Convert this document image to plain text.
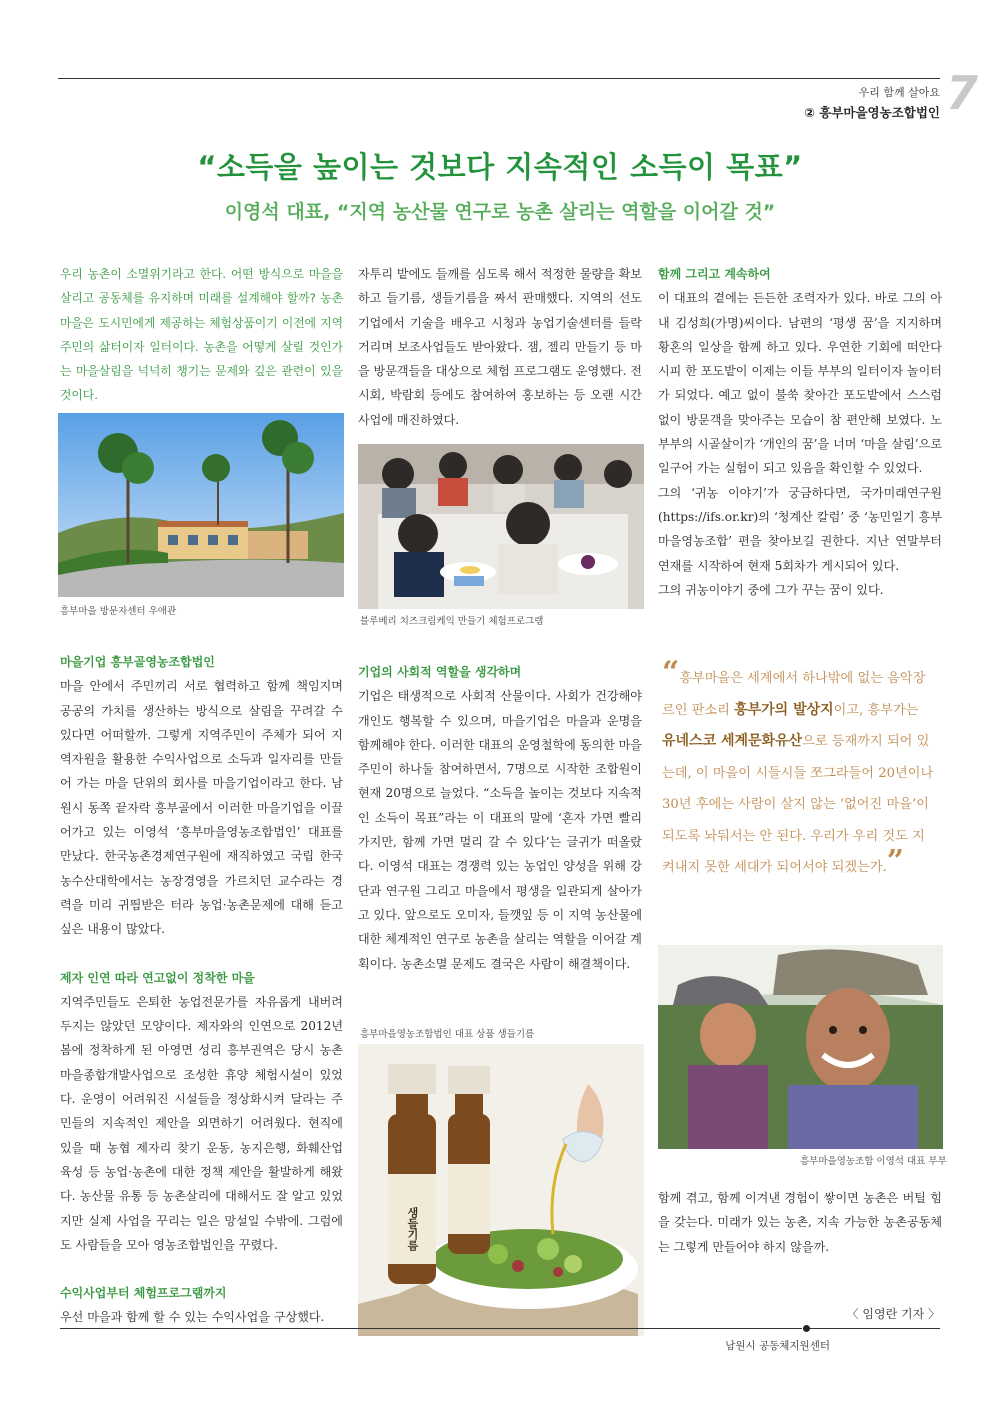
우리 함께 살아요
② 흥부마을영농조합법인 7
“소득을 높이는 것보다 지속적인 소득이 목표”
이영석 대표, “지역 농산물 연구로 농촌 살리는 역할을 이어갈 것”

우리 농촌이 소멸위기라고 한다. 어떤 방식으로 마을을 살리고 공동체를 유지하며 미래를 설계해야 할까? 농촌마을은 도시민에게 제공하는 체험상품이기 이전에 지역주민의 삶터이자 일터이다. 농촌을 어떻게 살릴 것인가는 마을살림을 넉넉히 챙기는 문제와 깊은 관련이 있을 것이다.

흥부마을 방문자센터 우애관

마을기업 흥부골영농조합법인

마을 안에서 주민끼리 서로 협력하고 함께 책임지며 공공의 가치를 생산하는 방식으로 살림을 꾸려갈 수 있다면 어떠할까. 그렇게 지역주민이 주체가 되어 지역자원을 활용한 수익사업으로 소득과 일자리를 만들어 가는 마을 단위의 회사를 마을기업이라고 한다. 남원시 동쪽 끝자락 흥부골에서 이러한 마을기업을 이끌어가고 있는 이영석 ‘흥부마을영농조합법인’ 대표를 만났다. 한국농촌경제연구원에 재직하였고 국립 한국농수산대학에서는 농장경영을 가르치던 교수라는 경력을 미리 귀띔받은 터라 농업·농촌문제에 대해 듣고 싶은 내용이 많았다.

제자 인연 따라 연고없이 정착한 마을

지역주민들도 은퇴한 농업전문가를 자유롭게 내버려두지는 않았던 모양이다. 제자와의 인연으로 2012년 봄에 정착하게 된 아영면 성리 흥부권역은 당시 농촌마을종합개발사업으로 조성한 휴양 체험시설이 있었다. 운영이 어려워진 시설들을 정상화시켜 달라는 주민들의 지속적인 제안을 외면하기 어려웠다. 현직에 있을 때 농협 제자리 찾기 운동, 농지은행, 화훼산업 육성 등 농업·농촌에 대한 정책 제안을 활발하게 해왔다. 농산물 유통 등 농촌살리에 대해서도 잘 알고 있었지만 실제 사업을 꾸리는 일은 망설일 수밖에. 그럼에도 사람들을 모아 영농조합법인을 꾸렸다.

수익사업부터 체험프로그램까지

우선 마을과 함께 할 수 있는 수익사업을 구상했다.

자투리 밭에도 들깨를 심도록 해서 적정한 물량을 확보하고 들기름, 생들기름을 짜서 판매했다. 지역의 선도기업에서 기술을 배우고 시청과 농업기술센터를 들락거리며 보조사업들도 받아왔다. 잼, 젤리 만들기 등 마을 방문객들을 대상으로 체험 프로그램도 운영했다. 전시회, 박람회 등에도 참여하여 홍보하는 등 오랜 시간 사업에 매진하였다.

블루베리 치즈크림케익 만들기 체험프로그램

기업의 사회적 역할을 생각하며

기업은 태생적으로 사회적 산물이다. 사회가 건강해야 개인도 행복할 수 있으며, 마을기업은 마을과 운명을 함께해야 한다. 이러한 대표의 운영철학에 동의한 마을주민이 하나둘 참여하면서, 7명으로 시작한 조합원이 현재 20명으로 늘었다. “소득을 높이는 것보다 지속적인 소득이 목표”라는 이 대표의 말에 ‘혼자 가면 빨리 가지만, 함께 가면 멀리 갈 수 있다’는 글귀가 떠올랐다. 이영석 대표는 경쟁력 있는 농업인 양성을 위해 강단과 연구원 그리고 마을에서 평생을 일관되게 살아가고 있다. 앞으로도 오미자, 들깻잎 등 이 지역 농산물에 대한 체계적인 연구로 농촌을 살리는 역할을 이어갈 계획이다. 농촌소멸 문제도 결국은 사람이 해결책이다.

흥부마을영농조합법인 대표 상품 생들기름
생들기름

함께 그리고 계속하여

이 대표의 곁에는 든든한 조력자가 있다. 바로 그의 아내 김성희(가명)씨이다. 남편의 ‘평생 꿈’을 지지하며 황혼의 일상을 함께 하고 있다. 우연한 기회에 떠안다시피 한 포도밭이 이제는 이들 부부의 일터이자 놀이터가 되었다. 예고 없이 불쑥 찾아간 포도밭에서 스스럼없이 방문객을 맞아주는 모습이 참 편안해 보였다. 노 부부의 시골살이가 ‘개인의 꿈’을 너머 ‘마을 살림’으로 일구어 가는 실험이 되고 있음을 확인할 수 있었다.

그의 ‘귀농 이야기’가 궁금하다면, 국가미래연구원(https://ifs.or.kr)의 ‘청계산 칼럼’ 중 ‘농민일기 흥부마을영농조합’ 편을 찾아보길 권한다. 지난 연말부터 연재를 시작하여 현재 5회차가 게시되어 있다.

그의 귀농이야기 중에 그가 꾸는 꿈이 있다.

“흥부마을은 세계에서 하나밖에 없는 음악장르인 판소리 흥부가의 발상지이고, 흥부가는 유네스코 세계문화유산으로 등재까지 되어 있는데, 이 마을이 시들시들 쪼그라들어 20년이나 30년 후에는 사람이 살지 않는 ‘없어진 마을’이 되도록 놔둬서는 안 된다. 우리가 우리 것도 지켜내지 못한 세대가 되어서야 되겠는가.”
흥부마을영농조합 이영석 대표 부부

함께 겪고, 함께 이겨낸 경험이 쌓이면 농촌은 버틸 힘을 갖는다. 미래가 있는 농촌, 지속 가능한 농촌공동체는 그렇게 만들어야 하지 않을까.

〈 임영란 기자 〉
남원시 공동체지원센터
